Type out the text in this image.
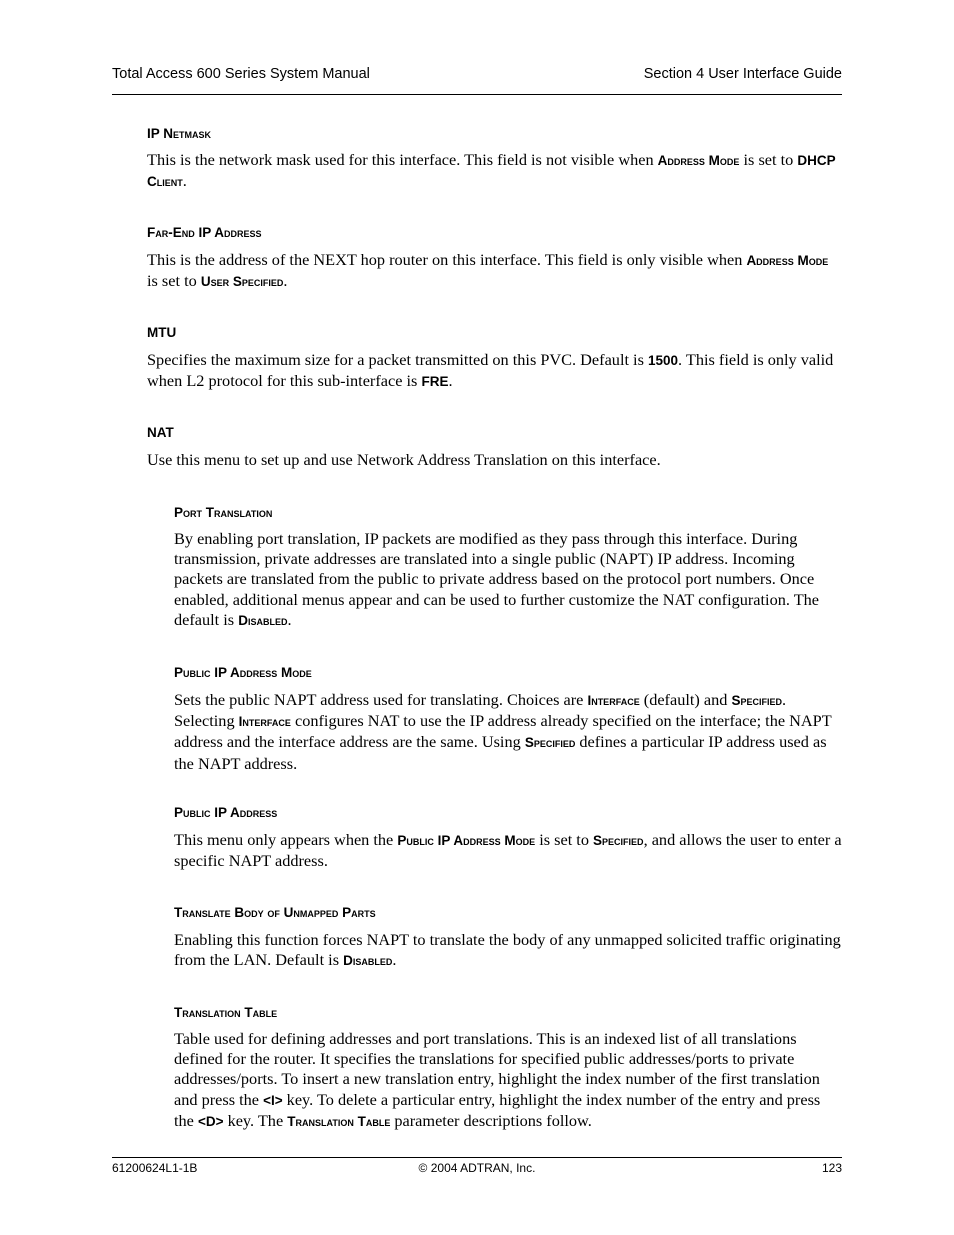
Total Access 600 Series System Manual	Section 4 User Interface Guide
IP Netmask
This is the network mask used for this interface. This field is not visible when Address Mode is set to DHCP Client.
Far-End IP Address
This is the address of the NEXT hop router on this interface. This field is only visible when Address Mode is set to User Specified.
MTU
Specifies the maximum size for a packet transmitted on this PVC. Default is 1500. This field is only valid when L2 protocol for this sub-interface is FRE.
NAT
Use this menu to set up and use Network Address Translation on this interface.
Port Translation
By enabling port translation, IP packets are modified as they pass through this interface. During transmission, private addresses are translated into a single public (NAPT) IP address. Incoming packets are translated from the public to private address based on the protocol port numbers. Once enabled, additional menus appear and can be used to further customize the NAT configuration. The default is Disabled.
Public IP Address Mode
Sets the public NAPT address used for translating. Choices are Interface (default) and Specified. Selecting Interface configures NAT to use the IP address already specified on the interface; the NAPT address and the interface address are the same. Using Specified defines a particular IP address used as the NAPT address.
Public IP Address
This menu only appears when the Public IP Address Mode is set to Specified, and allows the user to enter a specific NAPT address.
Translate Body of Unmapped Parts
Enabling this function forces NAPT to translate the body of any unmapped solicited traffic originating from the LAN. Default is Disabled.
Translation Table
Table used for defining addresses and port translations. This is an indexed list of all translations defined for the router. It specifies the translations for specified public addresses/ports to private addresses/ports. To insert a new translation entry, highlight the index number of the first translation and press the <I> key. To delete a particular entry, highlight the index number of the entry and press the <D> key. The Translation Table parameter descriptions follow.
61200624L1-1B	© 2004 ADTRAN, Inc.	123
